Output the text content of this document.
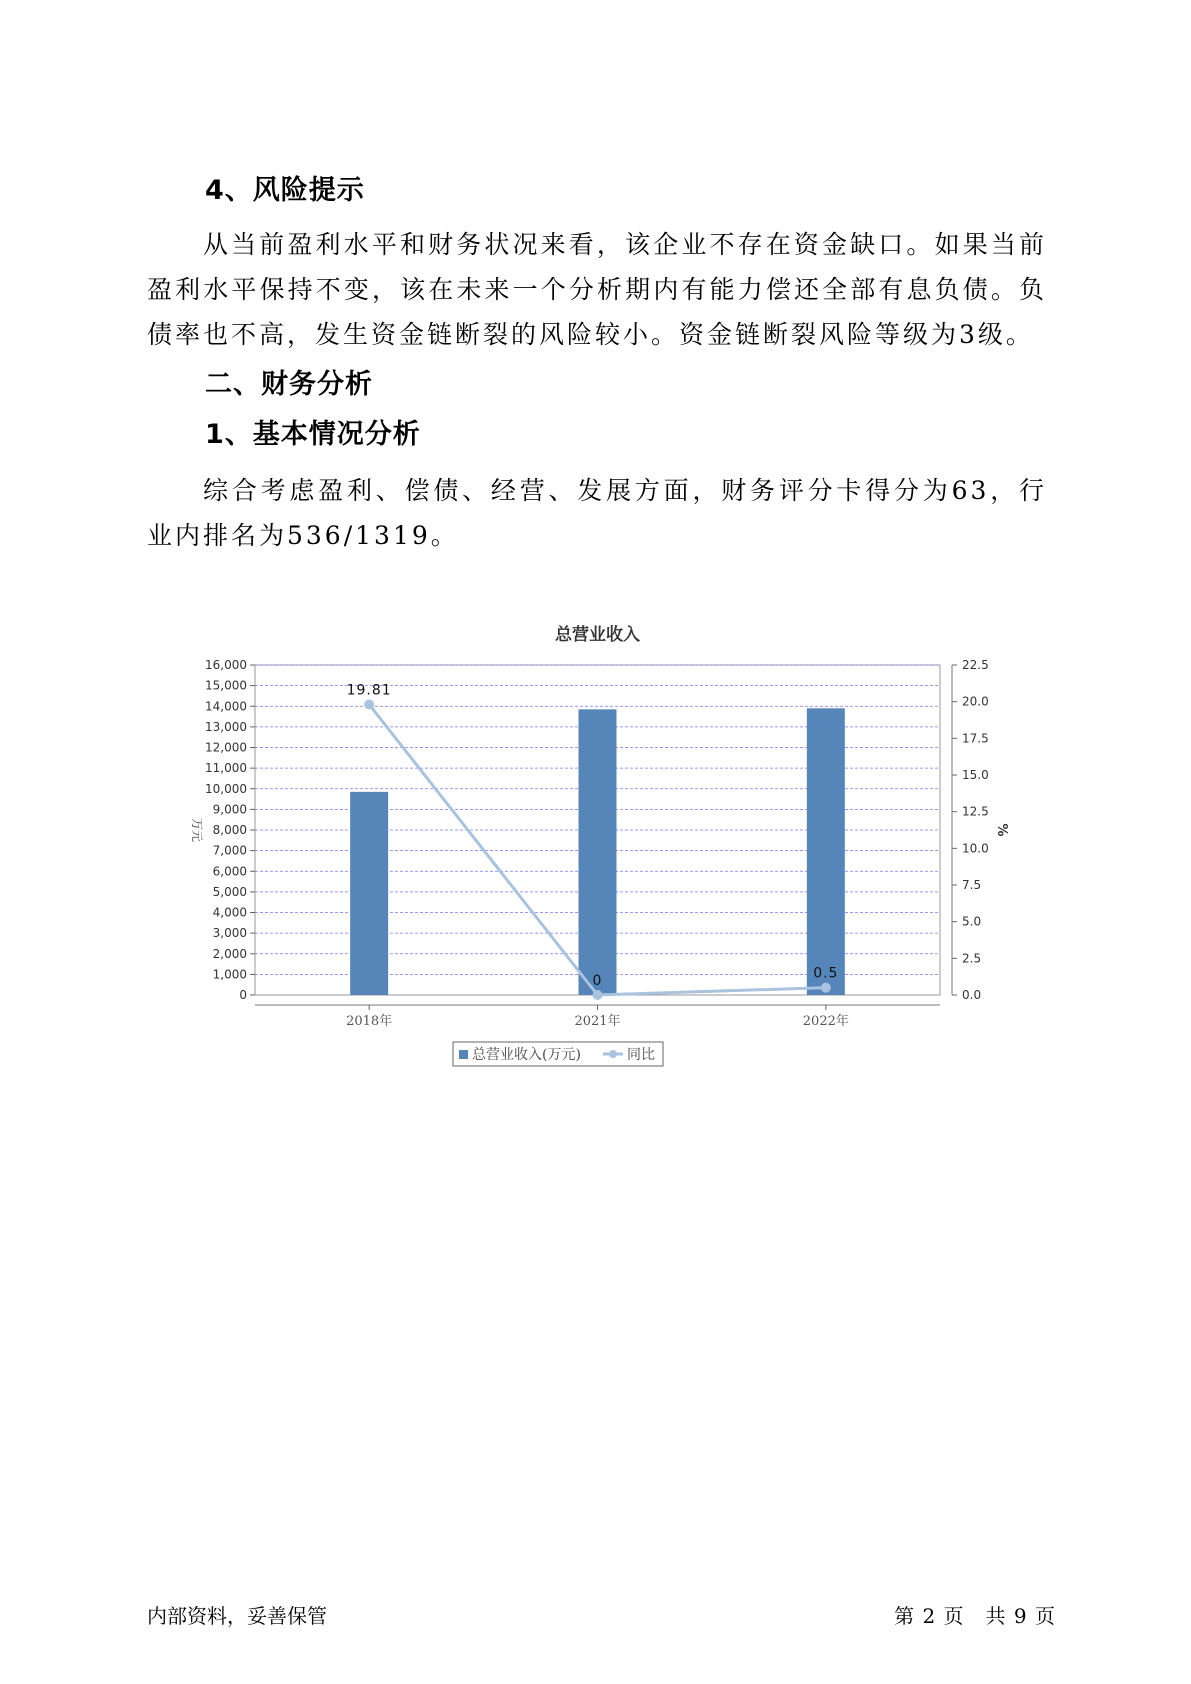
4、风险提示

从当前盈利水平和财务状况来看，该企业不存在资金缺口。如果当前盈利水平保持不变，该在未来一个分析期内有能力偿还全部有息负债。负债率也不高，发生资金链断裂的风险较小。资金链断裂风险等级为3级。

二、财务分析
1、基本情况分析

综合考虑盈利、偿债、经营、发展方面，财务评分卡得分为63，行业内排名为536/1319。

总营业收入
0
1,000
2,000
3,000
4,000
5,000
6,000
7,000
8,000
9,000
10,000
11,000
12,000
13,000
14,000
15,000
16,000
0.0
2.5
5.0
7.5
10.0
12.5
15.0
17.5
20.0
22.5
万元	%
2018年	2021年	2022年
19.81
0	0.5
总营业收入(万元)	同比
内部资料，妥善保管	第 2 页　共 9 页
